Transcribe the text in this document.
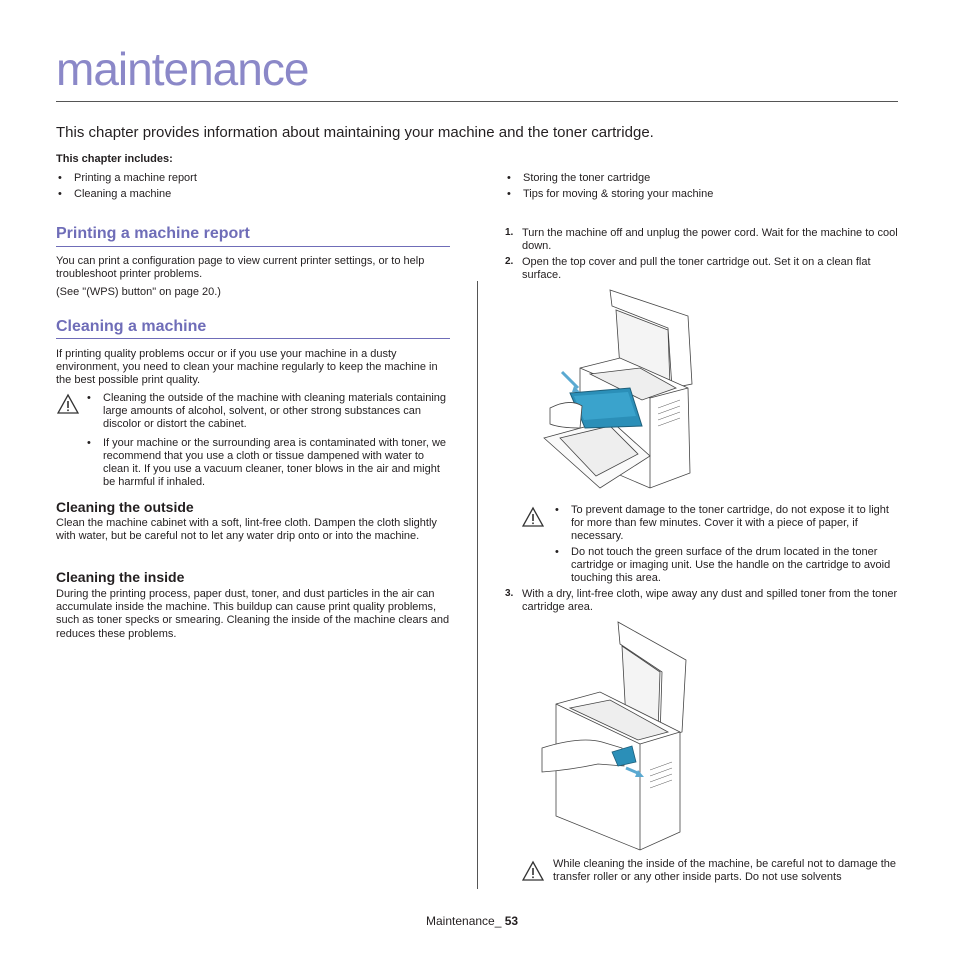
maintenance
This chapter provides information about maintaining your machine and the toner cartridge.
This chapter includes:
• Printing a machine report
• Cleaning a machine
• Storing the toner cartridge
• Tips for moving & storing your machine
Printing a machine report
You can print a configuration page to view current printer settings, or to help troubleshoot printer problems.
(See "(WPS) button" on page 20.)
Cleaning a machine
If printing quality problems occur or if you use your machine in a dusty environment, you need to clean your machine regularly to keep the machine in the best possible print quality.
• Cleaning the outside of the machine with cleaning materials containing large amounts of alcohol, solvent, or other strong substances can discolor or distort the cabinet.
• If your machine or the surrounding area is contaminated with toner, we recommend that you use a cloth or tissue dampened with water to clean it. If you use a vacuum cleaner, toner blows in the air and might be harmful if inhaled.
Cleaning the outside
Clean the machine cabinet with a soft, lint-free cloth. Dampen the cloth slightly with water, but be careful not to let any water drip onto or into the machine.
Cleaning the inside
During the printing process, paper dust, toner, and dust particles in the air can accumulate inside the machine. This buildup can cause print quality problems, such as toner specks or smearing. Cleaning the inside of the machine clears and reduces these problems.
1. Turn the machine off and unplug the power cord. Wait for the machine to cool down.
2. Open the top cover and pull the toner cartridge out. Set it on a clean flat surface.
• To prevent damage to the toner cartridge, do not expose it to light for more than few minutes. Cover it with a piece of paper, if necessary.
• Do not touch the green surface of the drum located in the toner cartridge or imaging unit. Use the handle on the cartridge to avoid touching this area.
3. With a dry, lint-free cloth, wipe away any dust and spilled toner from the toner cartridge area.
While cleaning the inside of the machine, be careful not to damage the transfer roller or any other inside parts. Do not use solvents
Maintenance_ 53
